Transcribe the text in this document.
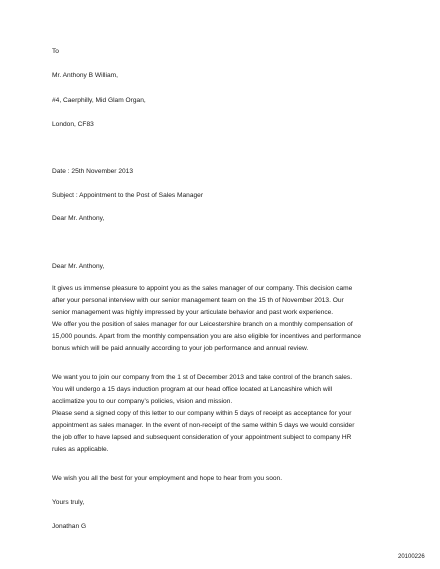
To
Mr. Anthony B William,
#4, Caerphilly, Mid Glam Organ,
London, CF83
Date : 25th November 2013
Subject : Appointment to the Post of Sales Manager
Dear Mr. Anthony,
Dear Mr. Anthony,
It gives us immense pleasure to appoint you as the sales manager of our company. This decision came
after your personal interview with our senior management team on the 15 th of November 2013. Our
senior management was highly impressed by your articulate behavior and past work experience.
We offer you the position of sales manager for our Leicestershire branch on a monthly compensation of
15,000 pounds. Apart from the monthly compensation you are also eligible for incentives and performance
bonus which will be paid annually according to your job performance and annual review.
We want you to join our company from the 1 st of December 2013 and take control of the branch sales.
You will undergo a 15 days induction program at our head office located at Lancashire which will
acclimatize you to our company’s policies, vision and mission.
Please send a signed copy of this letter to our company within 5 days of receipt as acceptance for your
appointment as sales manager. In the event of non-receipt of the same within 5 days we would consider
the job offer to have lapsed and subsequent consideration of your appointment subject to company HR
rules as applicable.
We wish you all the best for your employment and hope to hear from you soon.
Yours truly,
Jonathan G
20100226
